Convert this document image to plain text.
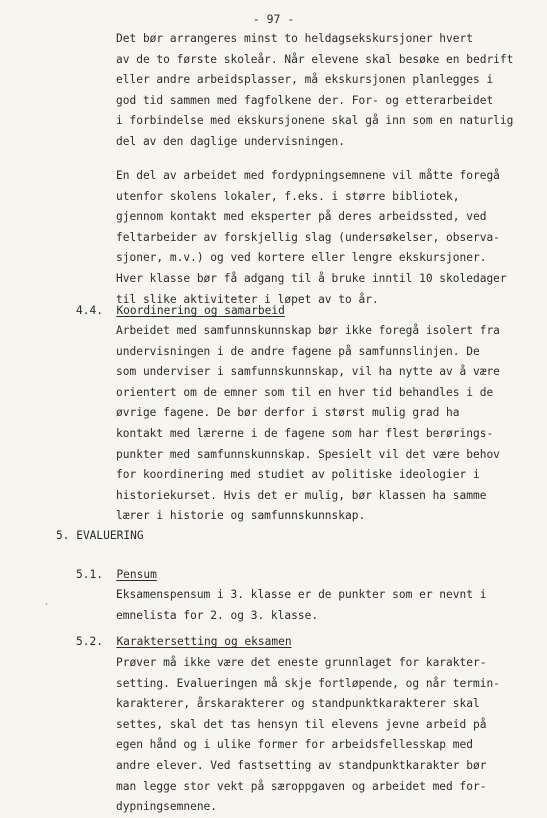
- 97 -

Det bør arrangeres minst to heldagsekskursjoner hvert
av de to første skoleår. Når elevene skal besøke en bedrift
eller andre arbeidsplasser, må ekskursjonen planlegges i
god tid sammen med fagfolkene der. For- og etterarbeidet
i forbindelse med ekskursjonene skal gå inn som en naturlig
del av den daglige undervisningen.

En del av arbeidet med fordypningsemnene vil måtte foregå
utenfor skolens lokaler, f.eks. i større bibliotek,
gjennom kontakt med eksperter på deres arbeidssted, ved
feltarbeider av forskjellig slag (undersøkelser, observa-
sjoner, m.v.) og ved kortere eller lengre ekskursjoner.
Hver klasse bør få adgang til å bruke inntil 10 skoledager
til slike aktiviteter i løpet av to år.

4.4. Koordinering og samarbeid

Arbeidet med samfunnskunnskap bør ikke foregå isolert fra
undervisningen i de andre fagene på samfunnslinjen. De
som underviser i samfunnskunnskap, vil ha nytte av å være
orientert om de emner som til en hver tid behandles i de
øvrige fagene. De bør derfor i størst mulig grad ha
kontakt med lærerne i de fagene som har flest berørings-
punkter med samfunnskunnskap. Spesielt vil det være behov
for koordinering med studiet av politiske ideologier i
historiekurset. Hvis det er mulig, bør klassen ha samme
lærer i historie og samfunnskunnskap.

5. EVALUERING
5.1. Pensum

Eksamenspensum i 3. klasse er de punkter som er nevnt i
emnelista for 2. og 3. klasse.

`
5.2. Karaktersetting og eksamen

Prøver må ikke være det eneste grunnlaget for karakter-
setting. Evalueringen må skje fortløpende, og når termin-
karakterer, årskarakterer og standpunktkarakterer skal
settes, skal det tas hensyn til elevens jevne arbeid på
egen hånd og i ulike former for arbeidsfellesskap med
andre elever. Ved fastsetting av standpunktkarakter bør
man legge stor vekt på særoppgaven og arbeidet med for-
dypningsemnene.
